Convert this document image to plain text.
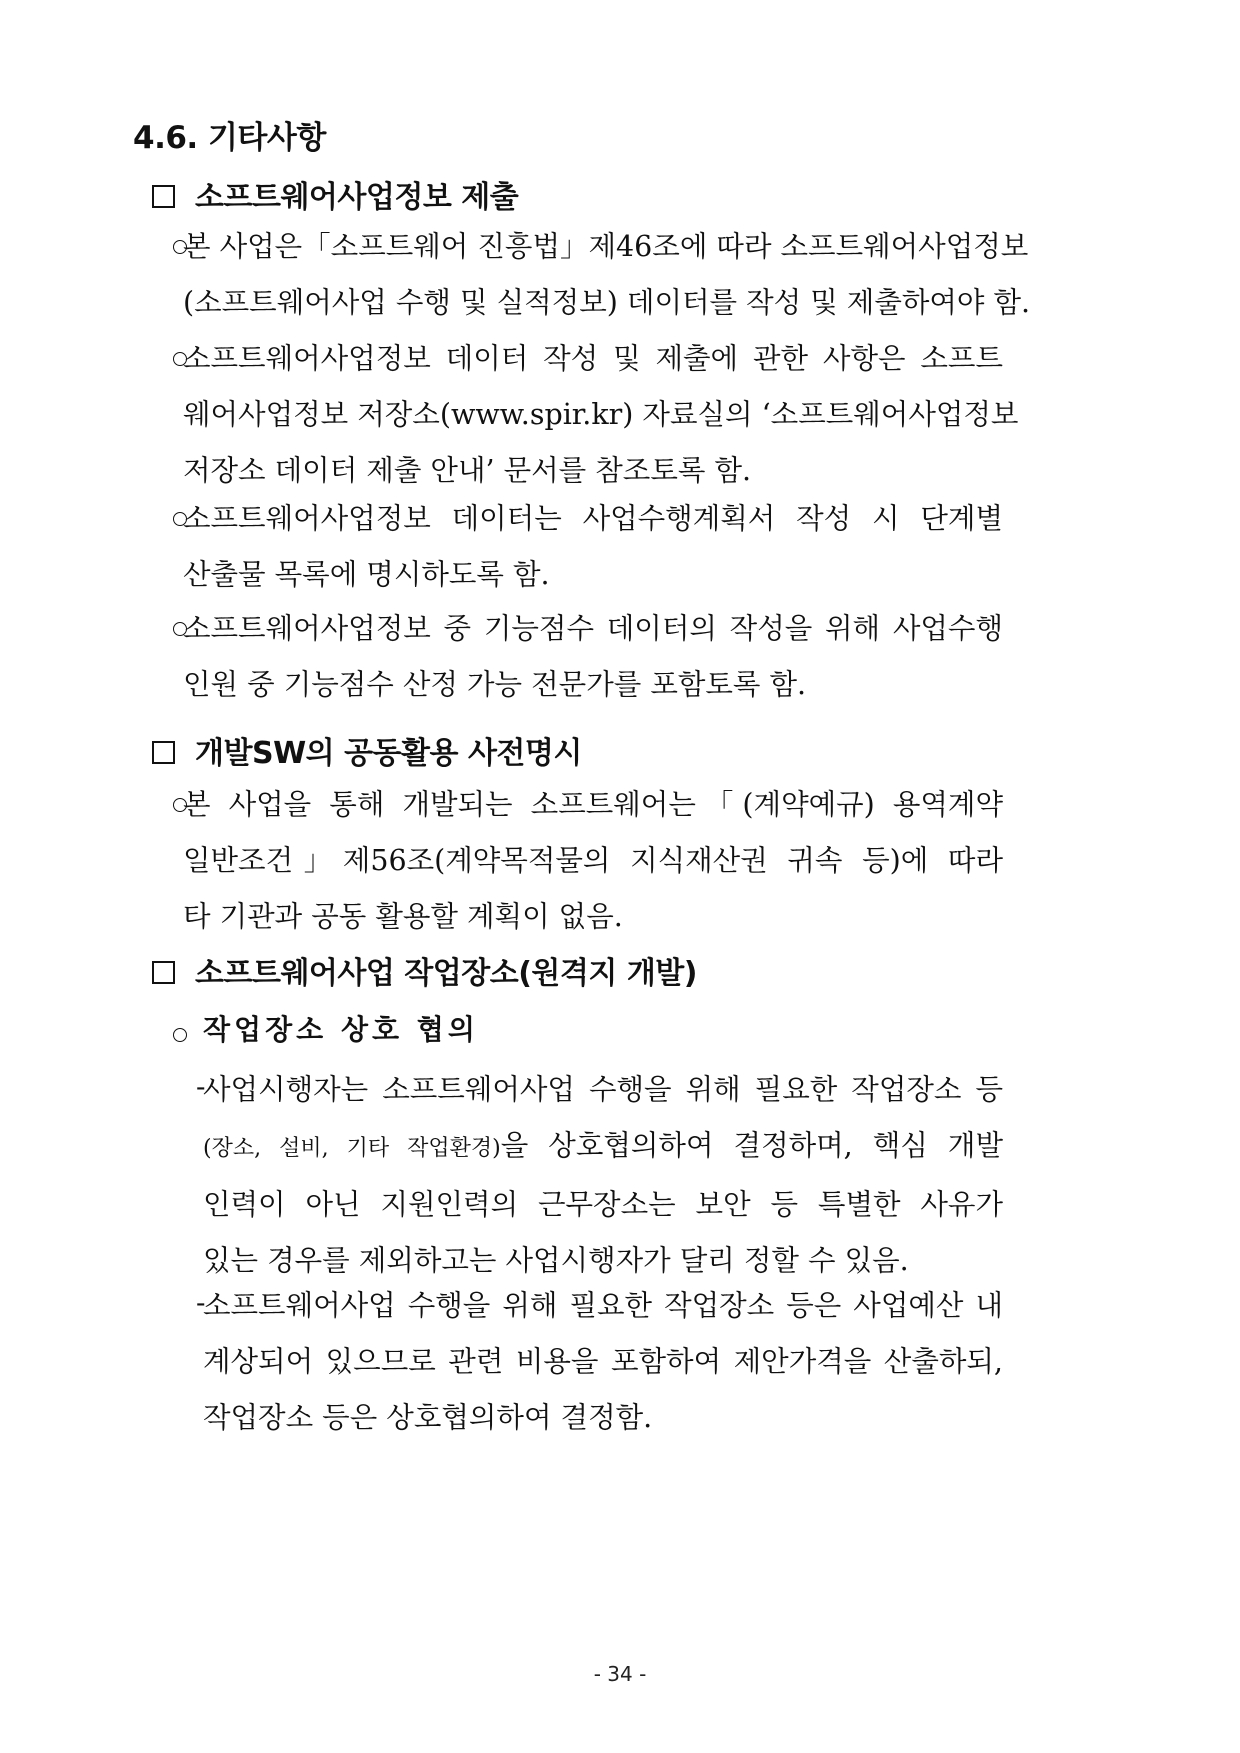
4.6. 기타사항
소프트웨어사업정보 제출

본 사업은「소프트웨어 진흥법」제46조에 따라 소프트웨어사업정보
(소프트웨어사업 수행 및 실적정보) 데이터를 작성 및 제출하여야 함.

소프트웨어사업정보 데이터 작성 및 제출에 관한 사항은 소프트
웨어사업정보 저장소(www.spir.kr) 자료실의 ‘소프트웨어사업정보
저장소 데이터 제출 안내’ 문서를 참조토록 함.

소프트웨어사업정보 데이터는 사업수행계획서 작성 시 단계별
산출물 목록에 명시하도록 함.

소프트웨어사업정보 중 기능점수 데이터의 작성을 위해 사업수행
인원 중 기능점수 산정 가능 전문가를 포함토록 함.

개발SW의 공동활용 사전명시

본 사업을 통해 개발되는 소프트웨어는「(계약예규) 용역계약
일반조건」제56조(계약목적물의 지식재산권 귀속 등)에 따라
타 기관과 공동 활용할 계획이 없음.

소프트웨어사업 작업장소(원격지 개발)

작업장소 상호 협의

-

사업시행자는 소프트웨어사업 수행을 위해 필요한 작업장소 등
(장소, 설비, 기타 작업환경)을 상호협의하여 결정하며, 핵심 개발
인력이 아닌 지원인력의 근무장소는 보안 등 특별한 사유가
있는 경우를 제외하고는 사업시행자가 달리 정할 수 있음.

-

소프트웨어사업 수행을 위해 필요한 작업장소 등은 사업예산 내
계상되어 있으므로 관련 비용을 포함하여 제안가격을 산출하되,
작업장소 등은 상호협의하여 결정함.

- 34 -
